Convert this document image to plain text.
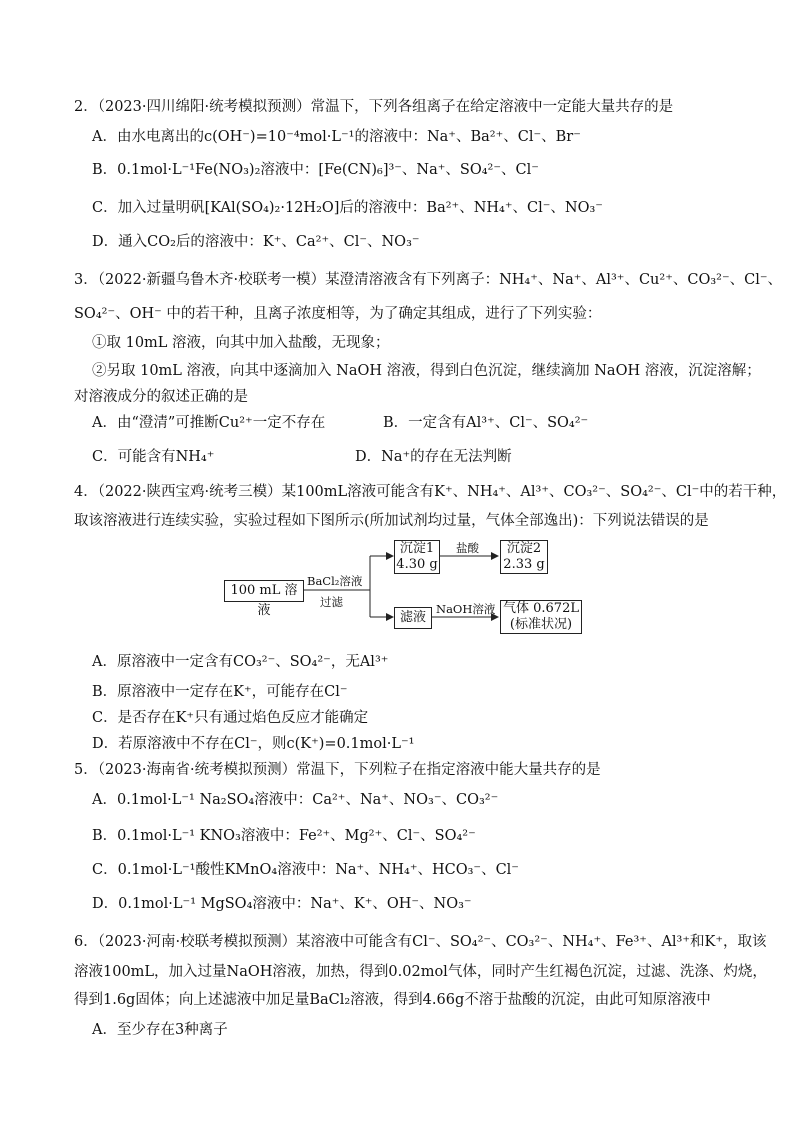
2．（2023·四川绵阳·统考模拟预测）常温下，下列各组离子在给定溶液中一定能大量共存的是
A．由水电离出的c(OH⁻)=10⁻⁴mol·L⁻¹的溶液中：Na⁺、Ba²⁺、Cl⁻、Br⁻
B．0.1mol·L⁻¹Fe(NO₃)₂溶液中：[Fe(CN)₆]³⁻、Na⁺、SO₄²⁻、Cl⁻
C．加入过量明矾[KAl(SO₄)₂·12H₂O]后的溶液中：Ba²⁺、NH₄⁺、Cl⁻、NO₃⁻
D．通入CO₂后的溶液中：K⁺、Ca²⁺、Cl⁻、NO₃⁻
3．（2022·新疆乌鲁木齐·校联考一模）某澄清溶液含有下列离子：NH₄⁺、Na⁺、Al³⁺、Cu²⁺、CO₃²⁻、Cl⁻、
SO₄²⁻、OH⁻ 中的若干种，且离子浓度相等，为了确定其组成，进行了下列实验：
①取 10mL 溶液，向其中加入盐酸，无现象；
②另取 10mL 溶液，向其中逐滴加入 NaOH 溶液，得到白色沉淀，继续滴加 NaOH 溶液，沉淀溶解；
对溶液成分的叙述正确的是
A．由“澄清”可推断Cu²⁺一定不存在	B．一定含有Al³⁺、Cl⁻、SO₄²⁻
C．可能含有NH₄⁺	D．Na⁺的存在无法判断
4．（2022·陕西宝鸡·统考三模）某100mL溶液可能含有K⁺、NH₄⁺、Al³⁺、CO₃²⁻、SO₄²⁻、Cl⁻中的若干种，
取该溶液进行连续实验，实验过程如下图所示(所加试剂均过量，气体全部逸出)：下列说法错误的是
100 mL 溶液
BaCl₂溶液
过滤
沉淀1
4.30 g
盐酸	沉淀2
2.33 g
滤液
NaOH溶液 气体 0.672L
(标准状况)
A．原溶液中一定含有CO₃²⁻、SO₄²⁻，无Al³⁺
B．原溶液中一定存在K⁺，可能存在Cl⁻
C．是否存在K⁺只有通过焰色反应才能确定
D．若原溶液中不存在Cl⁻，则c(K⁺)=0.1mol·L⁻¹
5．（2023·海南省·统考模拟预测）常温下，下列粒子在指定溶液中能大量共存的是
A．0.1mol·L⁻¹ Na₂SO₄溶液中：Ca²⁺、Na⁺、NO₃⁻、CO₃²⁻
B．0.1mol·L⁻¹ KNO₃溶液中：Fe²⁺、Mg²⁺、Cl⁻、SO₄²⁻
C．0.1mol·L⁻¹酸性KMnO₄溶液中：Na⁺、NH₄⁺、HCO₃⁻、Cl⁻
D．0.1mol·L⁻¹ MgSO₄溶液中：Na⁺、K⁺、OH⁻、NO₃⁻
6．（2023·河南·校联考模拟预测）某溶液中可能含有Cl⁻、SO₄²⁻、CO₃²⁻、NH₄⁺、Fe³⁺、Al³⁺和K⁺，取该
溶液100mL，加入过量NaOH溶液，加热，得到0.02mol气体，同时产生红褐色沉淀，过滤、洗涤、灼烧，
得到1.6g固体；向上述滤液中加足量BaCl₂溶液，得到4.66g不溶于盐酸的沉淀，由此可知原溶液中
A．至少存在3种离子
